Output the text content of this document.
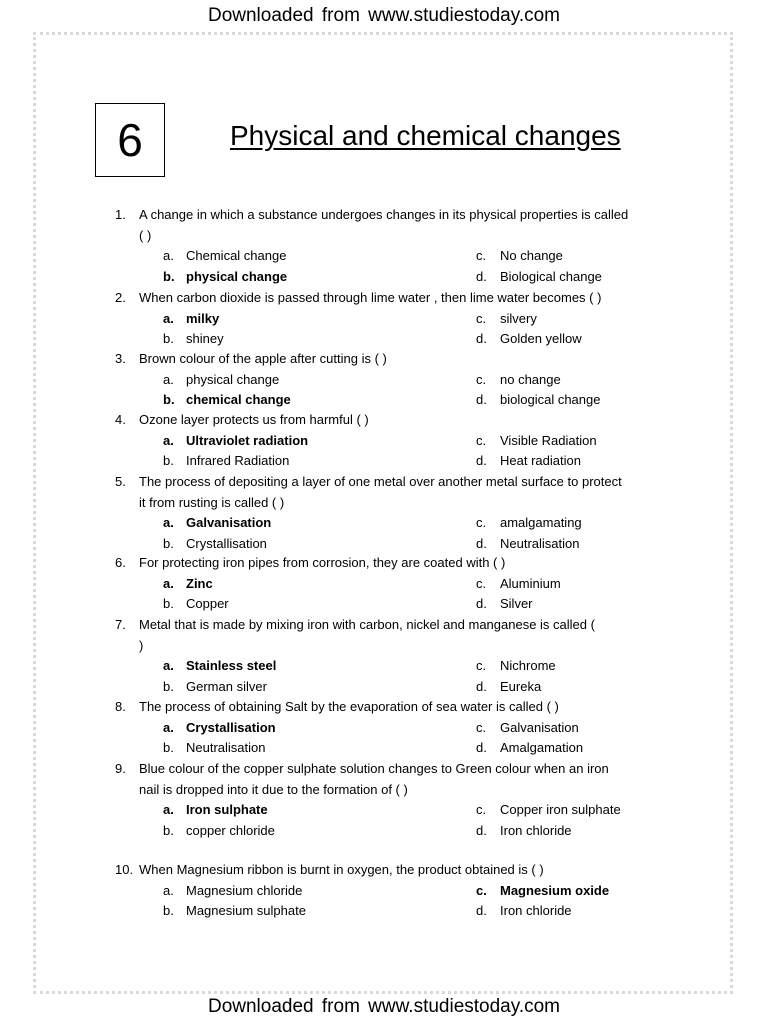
Downloaded from www.studiestoday.com
6	Physical and chemical changes
1. A change in which a substance undergoes changes in its physical properties is called
( )
a. Chemical change	c. No change
b. physical change	d. Biological change
2. When carbon dioxide is passed through lime water , then lime water becomes ( )
a. milky	c. silvery
b. shiney	d. Golden yellow
3. Brown colour of the apple after cutting is ( )
a. physical change	c. no change
b. chemical change	d. biological change
4. Ozone layer protects us from harmful ( )
a. Ultraviolet radiation	c. Visible Radiation
b. Infrared Radiation	d. Heat radiation
5. The process of depositing a layer of one metal over another metal surface to protect
it from rusting is called ( )
a. Galvanisation	c. amalgamating
b. Crystallisation	d. Neutralisation
6. For protecting iron pipes from corrosion, they are coated with ( )
a. Zinc	c. Aluminium
b. Copper	d. Silver
7. Metal that is made by mixing iron with carbon, nickel and manganese is called (
)
a. Stainless steel	c. Nichrome
b. German silver	d. Eureka
8. The process of obtaining Salt by the evaporation of sea water is called ( )
a. Crystallisation	c. Galvanisation
b. Neutralisation	d. Amalgamation
9. Blue colour of the copper sulphate solution changes to Green colour when an iron
nail is dropped into it due to the formation of ( )
a. Iron sulphate	c. Copper iron sulphate
b. copper chloride	d. Iron chloride
10. When Magnesium ribbon is burnt in oxygen, the product obtained is ( )
a. Magnesium chloride	c. Magnesium oxide
b. Magnesium sulphate	d. Iron chloride
Downloaded from www.studiestoday.com
